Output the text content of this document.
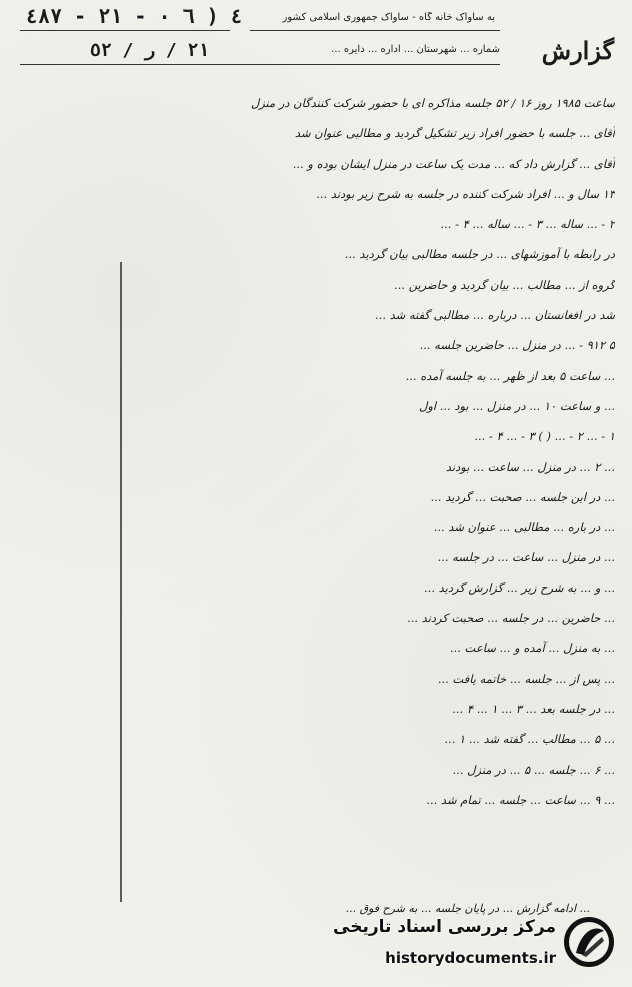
٤ ( ٦ ٠ - ٢١ - ٤٨٧	به ساواک خانه گاه - ساواک جمهوری اسلامی کشور
شماره ... شهرستان ... اداره ... دایره ...
٢١ / ر / ٥٢	گزارش
ساعت ۱۹۸۵ روز ۱۶ / ۵۲ جلسه مذاکره ای با حضور شرکت کنندگان در منزل
آقای ... جلسه با حضور افراد زیر تشکیل گردید و مطالبی عنوان شد
آقای ... گزارش داد که ... مدت یک ساعت در منزل ایشان بوده و ...
۱۳ سال و ... افراد شرکت کننده در جلسه به شرح زیر بودند ...
۲ - ... ساله ... ۳ - ... ساله ... ۴ - ...
در رابطه با آموزشهای ... در جلسه مطالبی بیان گردید ...
گروه از ... مطالب ... بیان گردید و حاضرین ...
شد در افغانستان ... درباره ... مطالبی گفته شد ...
۵ ۹۱۲ - ... در منزل ... حاضرین جلسه ...
... ساعت ۵ بعد از ظهر ... به جلسه آمده ...
... و ساعت ۱۰ ... در منزل ... بود ... اول
۱ - ... ۲ - ... ( ) ۳ - ... ۴ - ...
... ۲ ... در منزل ... ساعت ... بودند
... در این جلسه ... صحبت ... گردید ...
... در باره ... مطالبی ... عنوان شد ...
... در منزل ... ساعت ... در جلسه ...
... و ... به شرح زیر ... گزارش گردید ...
... حاضرین ... در جلسه ... صحبت کردند ...
... به منزل ... آمده و ... ساعت ...
... پس از ... جلسه ... خاتمه یافت ...
... در جلسه بعد ... ۳ ... ۱ ... ۴ ...
... ۵ ... مطالب ... گفته شد ... ۱ ...
... ۶ ... جلسه ... ۵ ... در منزل ...
... ۹ ... ساعت ... جلسه ... تمام شد ...
... ادامه گزارش ... در پایان جلسه ... به شرح فوق ...
مرکز بررسی اسناد تاریخی
historydocuments.ir
